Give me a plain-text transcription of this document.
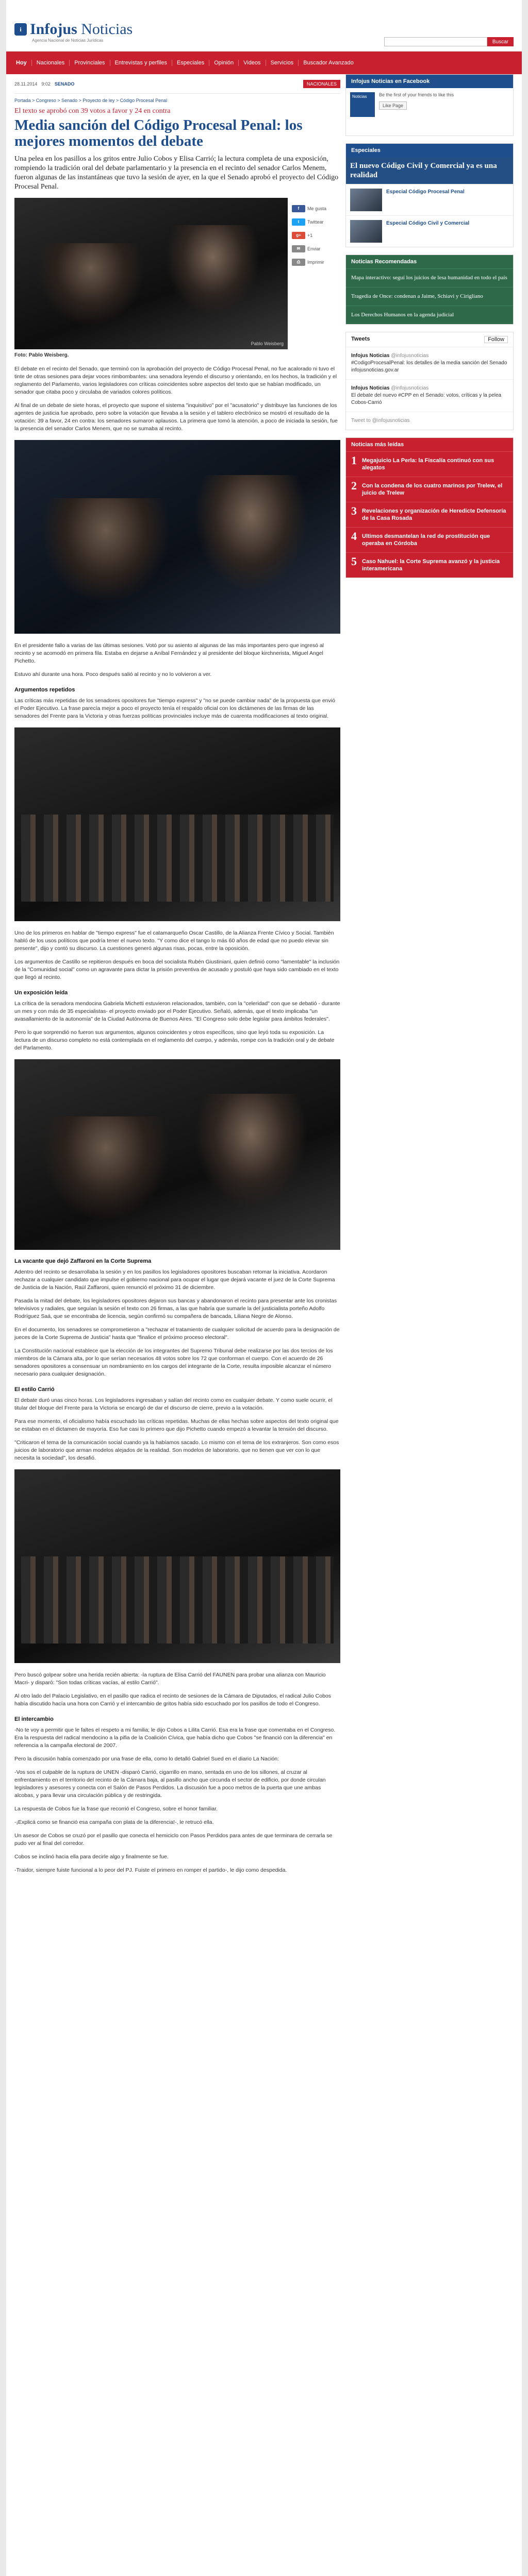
i Infojus Noticias
Agencia Nacional de Noticias Jurídicas	Buscar
Hoy	Nacionales	Provinciales	Entrevistas y perfiles	Especiales	Opinión	Videos	Servicios	Buscador Avanzado
28.11.2014 9:02 SENADO	NACIONALES
Portada > Congreso > Senado > Proyecto de ley > Código Procesal Penal
El texto se aprobó con 39 votos a favor y 24 en contra
Media sanción del Código Procesal Penal: los mejores momentos del debate

Una pelea en los pasillos a los gritos entre Julio Cobos y Elisa Carrió; la lectura completa de una exposición, rompiendo la tradición oral del debate parlamentario y la presencia en el recinto del senador Carlos Menem, fueron algunas de las instantáneas que tuvo la sesión de ayer, en la que el Senado aprobó el proyecto del Código Procesal Penal.

Pablo Weisberg
f	Me gusta
t	Twittear
g+	+1
✉	Enviar
⎙	Imprimir
Foto: Pablo Weisberg.

El debate en el recinto del Senado, que terminó con la aprobación del proyecto de Código Procesal Penal, no fue acalorado ni tuvo el tinte de otras sesiones para dejar voces rimbombantes: una senadora leyendo el discurso y orientando, en los hechos, la tradición y el reglamento del Parlamento, varios legisladores con críticas coincidentes sobre aspectos del texto que se habían modificado, un senador que citaba poco y circulaba de variados colores políticos.

Al final de un debate de siete horas, el proyecto que supone el sistema "inquisitivo" por el "acusatorio" y distribuye las funciones de los agentes de justicia fue aprobado, pero sobre la votación que llevaba a la sesión y el tablero electrónico se mostró el resultado de la votación: 39 a favor, 24 en contra: los senadores sumaron aplausos. La primera que tomó la atención, a poco de iniciada la sesión, fue la presencia del senador Carlos Menem, que no se sumaba al recinto.

En el presidente fallo a varias de las últimas sesiones. Votó por su asiento al algunas de las más importantes pero que ingresó al recinto y se acomodó en primera fila. Estaba en dejarse a Aníbal Fernández y al presidente del bloque kirchnerista, Miguel Angel Pichetto.

Estuvo ahí durante una hora. Poco después salió al recinto y no lo volvieron a ver.

Argumentos repetidos

Las críticas más repetidas de los senadores opositores fue "tiempo express" y "no se puede cambiar nada" de la propuesta que envió el Poder Ejecutivo. La frase parecía mejor a poco el proyecto tenía el respaldo oficial con los dictámenes de las firmas de las senadores del Frente para la Victoria y otras fuerzas políticas provinciales incluye más de cuarenta modificaciones al texto original.

Uno de los primeros en hablar de "tiempo express" fue el catamarqueño Oscar Castillo, de la Alianza Frente Cívico y Social. También habló de los usos políticos que podría tener el nuevo texto. "Y como dice el tango lo más 60 años de edad que no puedo elevar sin presente", dijo y contó su discurso. La cuestiones generó algunas risas, pocas, entre la oposición.

Los argumentos de Castillo se repitieron después en boca del socialista Rubén Giustiniani, quien definió como "lamentable" la inclusión de la "Comunidad social" como un agravante para dictar la prisión preventiva de acusado y postuló que haya sido cambiado en el texto que llegó al recinto.

Un exposición leída

La crítica de la senadora mendocina Gabriela Michetti estuvieron relacionados, también, con la "celeridad" con que se debatió - durante un mes y con más de 35 especialistas- el proyecto enviado por el Poder Ejecutivo. Señaló, además, que el texto implicaba "un avasallamiento de la autonomía" de la Ciudad Autónoma de Buenos Aires. "El Congreso solo debe legislar para ámbitos federales".

Pero lo que sorprendió no fueron sus argumentos, algunos coincidentes y otros específicos, sino que leyó toda su exposición. La lectura de un discurso completo no está contemplada en el reglamento del cuerpo, y además, rompe con la tradición oral y de debate del Parlamento.

La vacante que dejó Zaffaroni en la Corte Suprema

Adentro del recinto se desarrollaba la sesión y en los pasillos los legisladores opositores buscaban retomar la iniciativa. Acordaron rechazar a cualquier candidato que impulse el gobierno nacional para ocupar el lugar que dejará vacante el juez de la Corte Suprema de Justicia de la Nación, Raúl Zaffaroni, quien renunció el próximo 31 de diciembre.

Pasada la mitad del debate, los legisladores opositores dejaron sus bancas y abandonaron el recinto para presentar ante los cronistas televisivos y radiales, que seguían la sesión el texto con 26 firmas, a las que habría que sumarle la del justicialista porteño Adolfo Rodríguez Saá, que se encontraba de licencia, según confirmó su compañera de bancada, Liliana Negre de Alonso.

En el documento, los senadores se comprometieron a "rechazar el tratamiento de cualquier solicitud de acuerdo para la designación de jueces de la Corte Suprema de Justicia" hasta que "finalice el próximo proceso electoral".

La Constitución nacional establece que la elección de los integrantes del Supremo Tribunal debe realizarse por las dos tercios de los miembros de la Cámara alta, por lo que serían necesarios 48 votos sobre los 72 que conforman el cuerpo. Con el acuerdo de 26 senadores opositores a consensuar un nombramiento en los cargos del integrante de la Corte, resulta imposible alcanzar el número necesario para cualquier designación.

El estilo Carrió

El debate duró unas cinco horas. Los legisladores ingresaban y salían del recinto como en cualquier debate. Y como suele ocurrir, el titular del bloque del Frente para la Victoria se encargó de dar el discurso de cierre, previo a la votación.

Para ese momento, el oficialismo había escuchado las críticas repetidas. Muchas de ellas hechas sobre aspectos del texto original que se estaban en el dictamen de mayoría. Eso fue casi lo primero que dijo Pichetto cuando empezó a levantar la tensión del discurso.

"Criticaron el tema de la comunicación social cuando ya la habíamos sacado. Lo mismo con el tema de los extranjeros. Son como esos juicios de laboratorio que arman modelos alejados de la realidad. Son modelos de laboratorio, que no tienen que ver con lo que necesita la sociedad", los desafió.

Pero buscó golpear sobre una herida recién abierta: -la ruptura de Elisa Carrió del FAUNEN para probar una alianza con Mauricio Macri- y disparó: "Son todas críticas vacías, al estilo Carrió".

Al otro lado del Palacio Legislativo, en el pasillo que radica el recinto de sesiones de la Cámara de Diputados, el radical Julio Cobos había discutido hacía una hora con Carrió y el intercambio de gritos había sido escuchado por los pasillos de todo el Congreso.

El intercambio

-No te voy a permitir que le faltes el respeto a mi familia; le dijo Cobos a Lilita Carrió. Esa era la frase que comentaba en el Congreso. Era la respuesta del radical mendocino a la pifia de la Coalición Cívica, que había dicho que Cobos "se financió con la diferencia" en referencia a la campaña electoral de 2007.

Pero la discusión había comenzado por una frase de ella, como lo detalló Gabriel Sued en el diario La Nación:

-Vos sos el culpable de la ruptura de UNEN -disparó Carrió, cigarrillo en mano, sentada en uno de los sillones, al cruzar al enfrentamiento en el territorio del recinto de la Cámara baja, al pasillo ancho que circunda el sector de edificio, por donde circulan legisladores y asesores y conecta con el Salón de Pasos Perdidos. La discusión fue a poco metros de la puerta que une ambas alcobas, y para llevar una circulación pública y de restringida.

La respuesta de Cobos fue la frase que recorrió el Congreso, sobre el honor familiar.

-¡Explicá como se financió esa campaña con plata de la diferencia!-, le retrucó ella.

Un asesor de Cobos se cruzó por el pasillo que conecta el hemiciclo con Pasos Perdidos para antes de que terminara de cerrarla se pudo ver al final del corredor.

Cobos se inclinó hacia ella para decirle algo y finalmente se fue.

-Traidor, siempre fuiste funcional a lo peor del PJ. Fuiste el primero en romper el partido-, le dijo como despedida.

Infojus Noticias en Facebook
Noticias	Be the first of your friends to like this
Like Page
Especiales
El nuevo Código Civil y Comercial ya es una realidad
Especial Código Procesal Penal
Especial Código Civil y Comercial
Noticias Recomendadas
Mapa interactivo: seguí los juicios de lesa humanidad en todo el país
Tragedia de Once: condenan a Jaime, Schiavi y Cirigliano
Los Derechos Humanos en la agenda judicial
Tweets	Follow
Infojus Noticias @infojusnoticias
#CodigoProcesalPenal: los detalles de la media sanción del Senado infojusnoticias.gov.ar
Infojus Noticias @infojusnoticias
El debate del nuevo #CPP en el Senado: votos, críticas y la pelea Cobos-Carrió
Tweet to @infojusnoticias
Noticias más leídas
1 Megajuicio La Perla: la Fiscalía continuó con sus alegatos
2 Con la condena de los cuatro marinos por Trelew, el juicio de Trelew
3 Revelaciones y organización de Heredicte Defensoría de la Casa Rosada
4 Ultimos desmantelan la red de prostitución que operaba en Córdoba
5 Caso Nahuel: la Corte Suprema avanzó y la justicia interamericana
